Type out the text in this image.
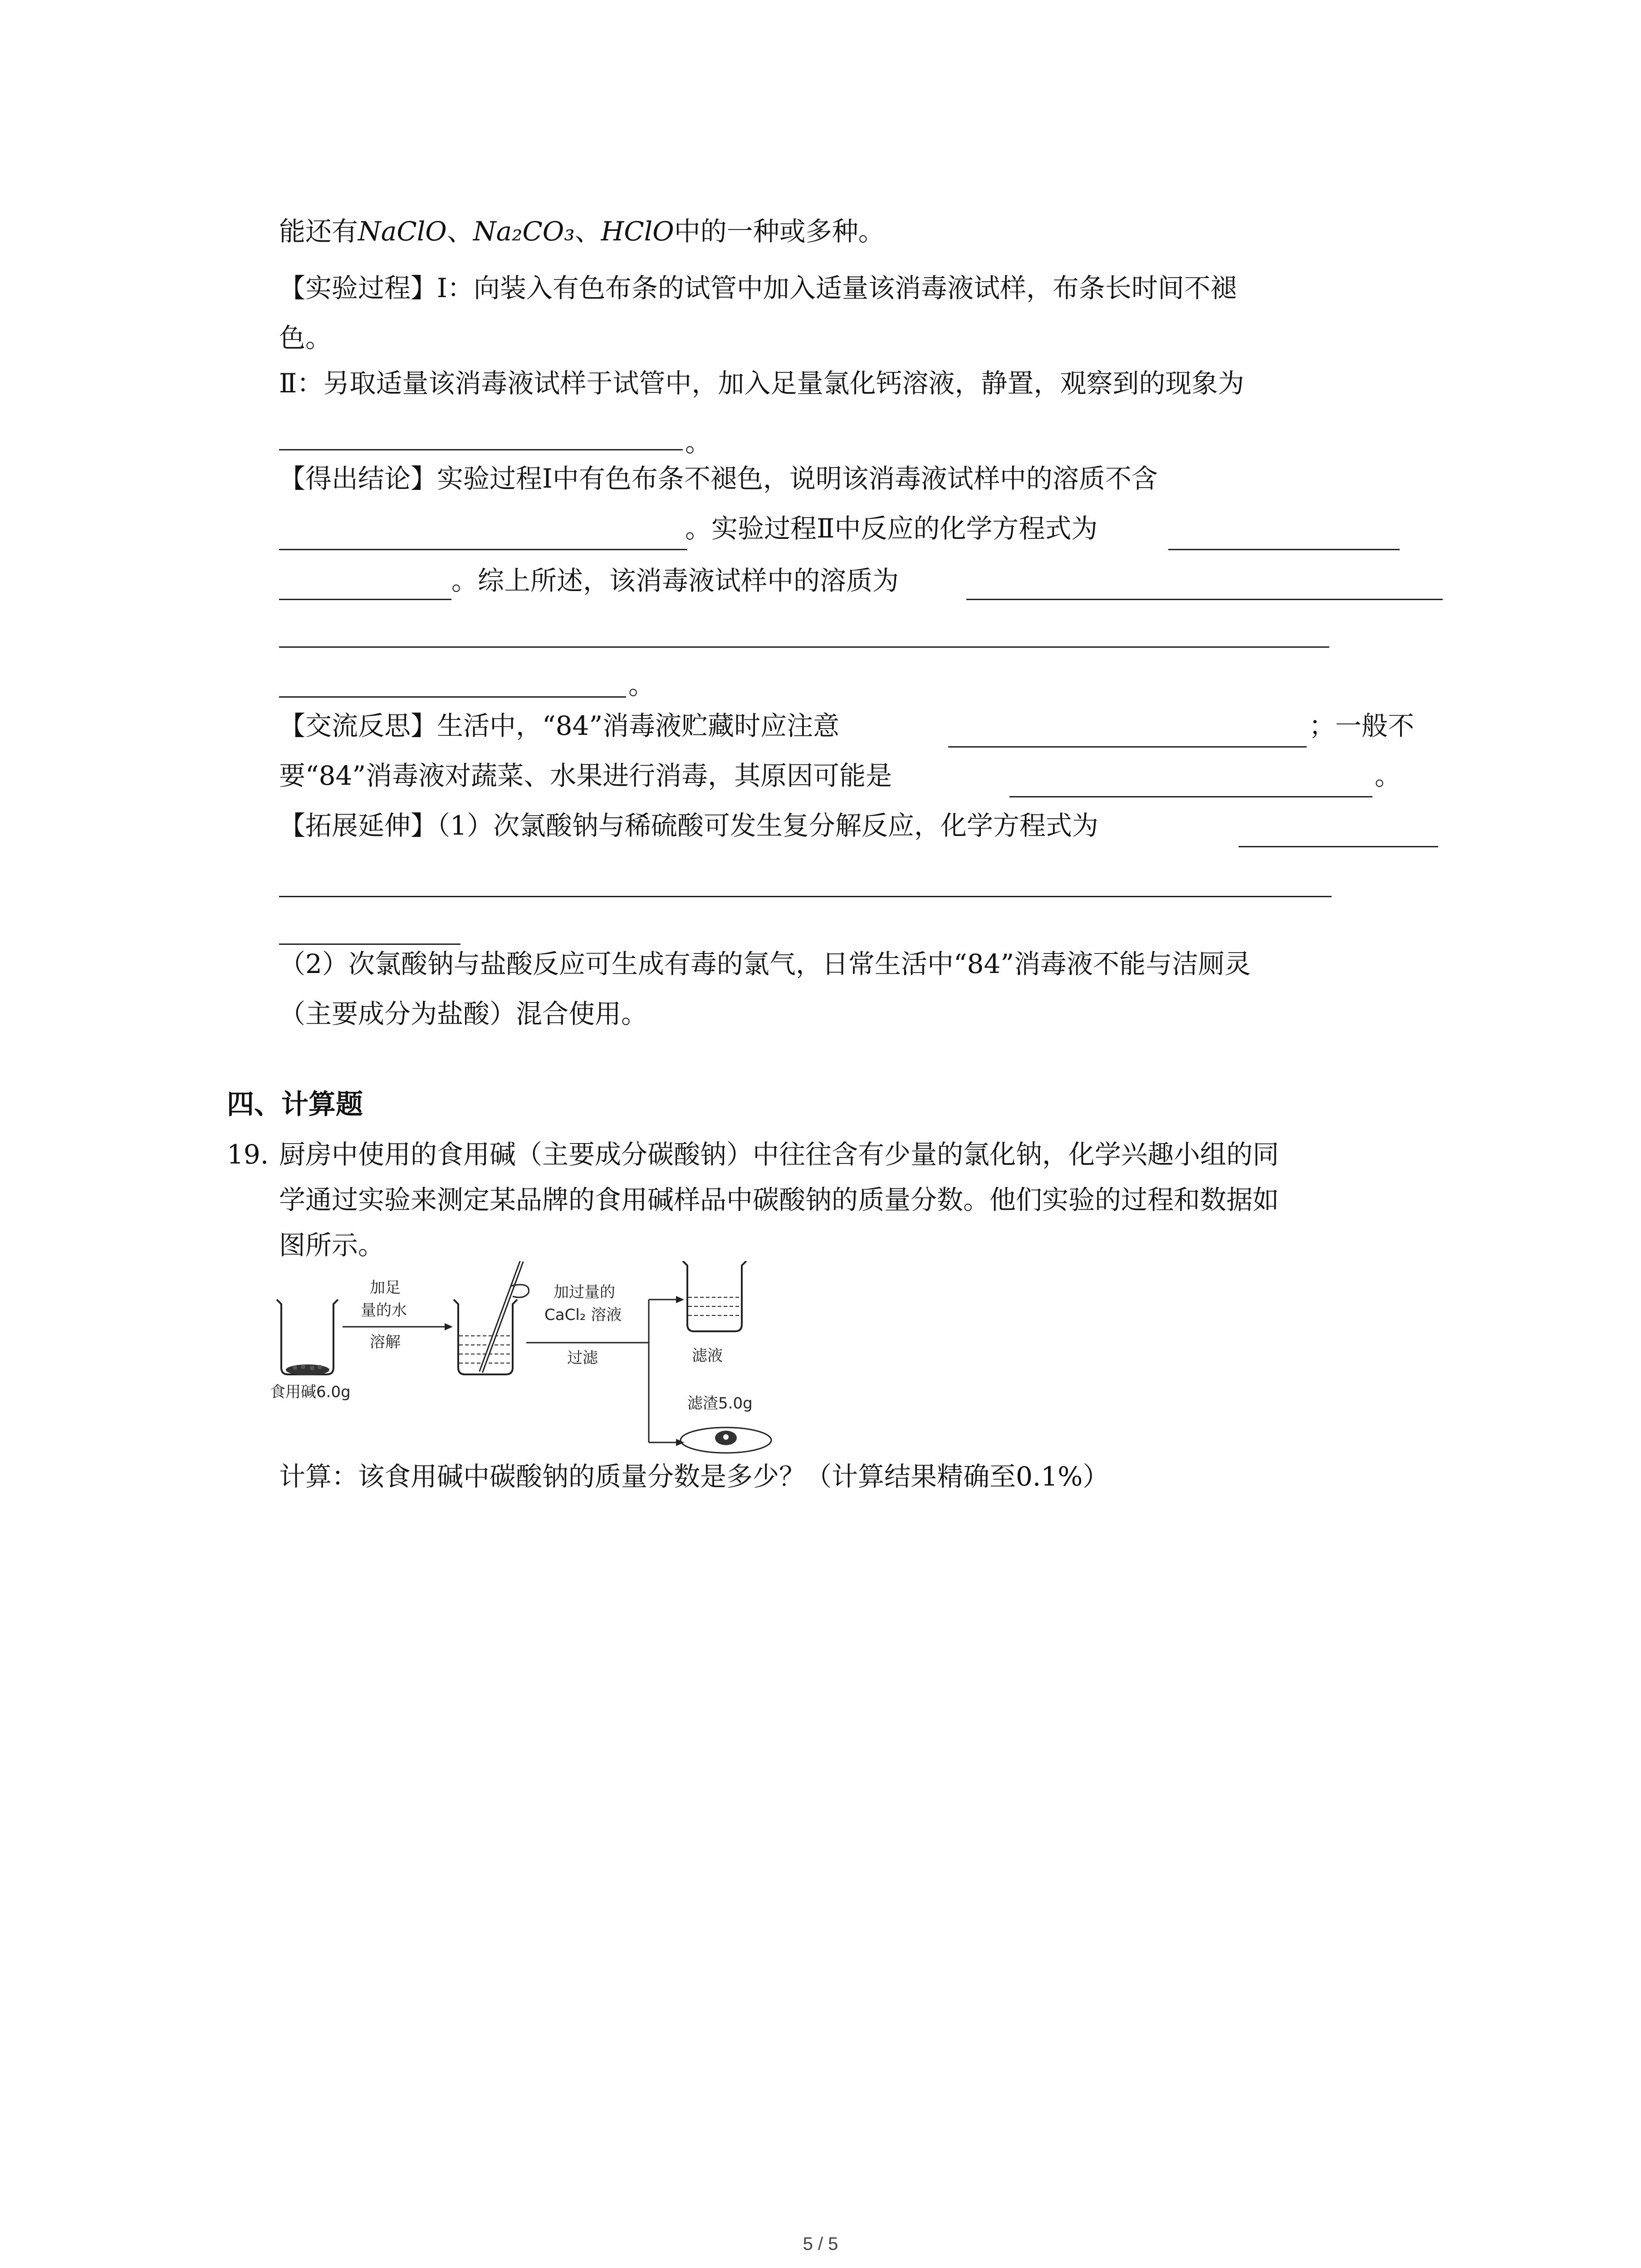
能还有NaClO、Na₂CO₃、HClO中的一种或多种。
【实验过程】Ⅰ：向装入有色布条的试管中加入适量该消毒液试样，布条长时间不褪
色。
Ⅱ：另取适量该消毒液试样于试管中，加入足量氯化钙溶液，静置，观察到的现象为
。
【得出结论】实验过程Ⅰ中有色布条不褪色，说明该消毒液试样中的溶质不含
。实验过程Ⅱ中反应的化学方程式为
。综上所述，该消毒液试样中的溶质为
。
【交流反思】生活中，“84”消毒液贮藏时应注意	；一般不
要“84”消毒液对蔬菜、水果进行消毒，其原因可能是	。
【拓展延伸】（1）次氯酸钠与稀硫酸可发生复分解反应，化学方程式为
（2）次氯酸钠与盐酸反应可生成有毒的氯气，日常生活中“84”消毒液不能与洁厕灵
（主要成分为盐酸）混合使用。
四、计算题
19. 厨房中使用的食用碱（主要成分碳酸钠）中往往含有少量的氯化钠，化学兴趣小组的同
学通过实验来测定某品牌的食用碱样品中碳酸钠的质量分数。他们实验的过程和数据如
图所示。
食用碱6.0g
加足
量的水
溶解
加过量的
CaCl₂ 溶液
过滤	滤液
滤渣5.0g
计算：该食用碱中碳酸钠的质量分数是多少？（计算结果精确至0.1%）
5 / 5
